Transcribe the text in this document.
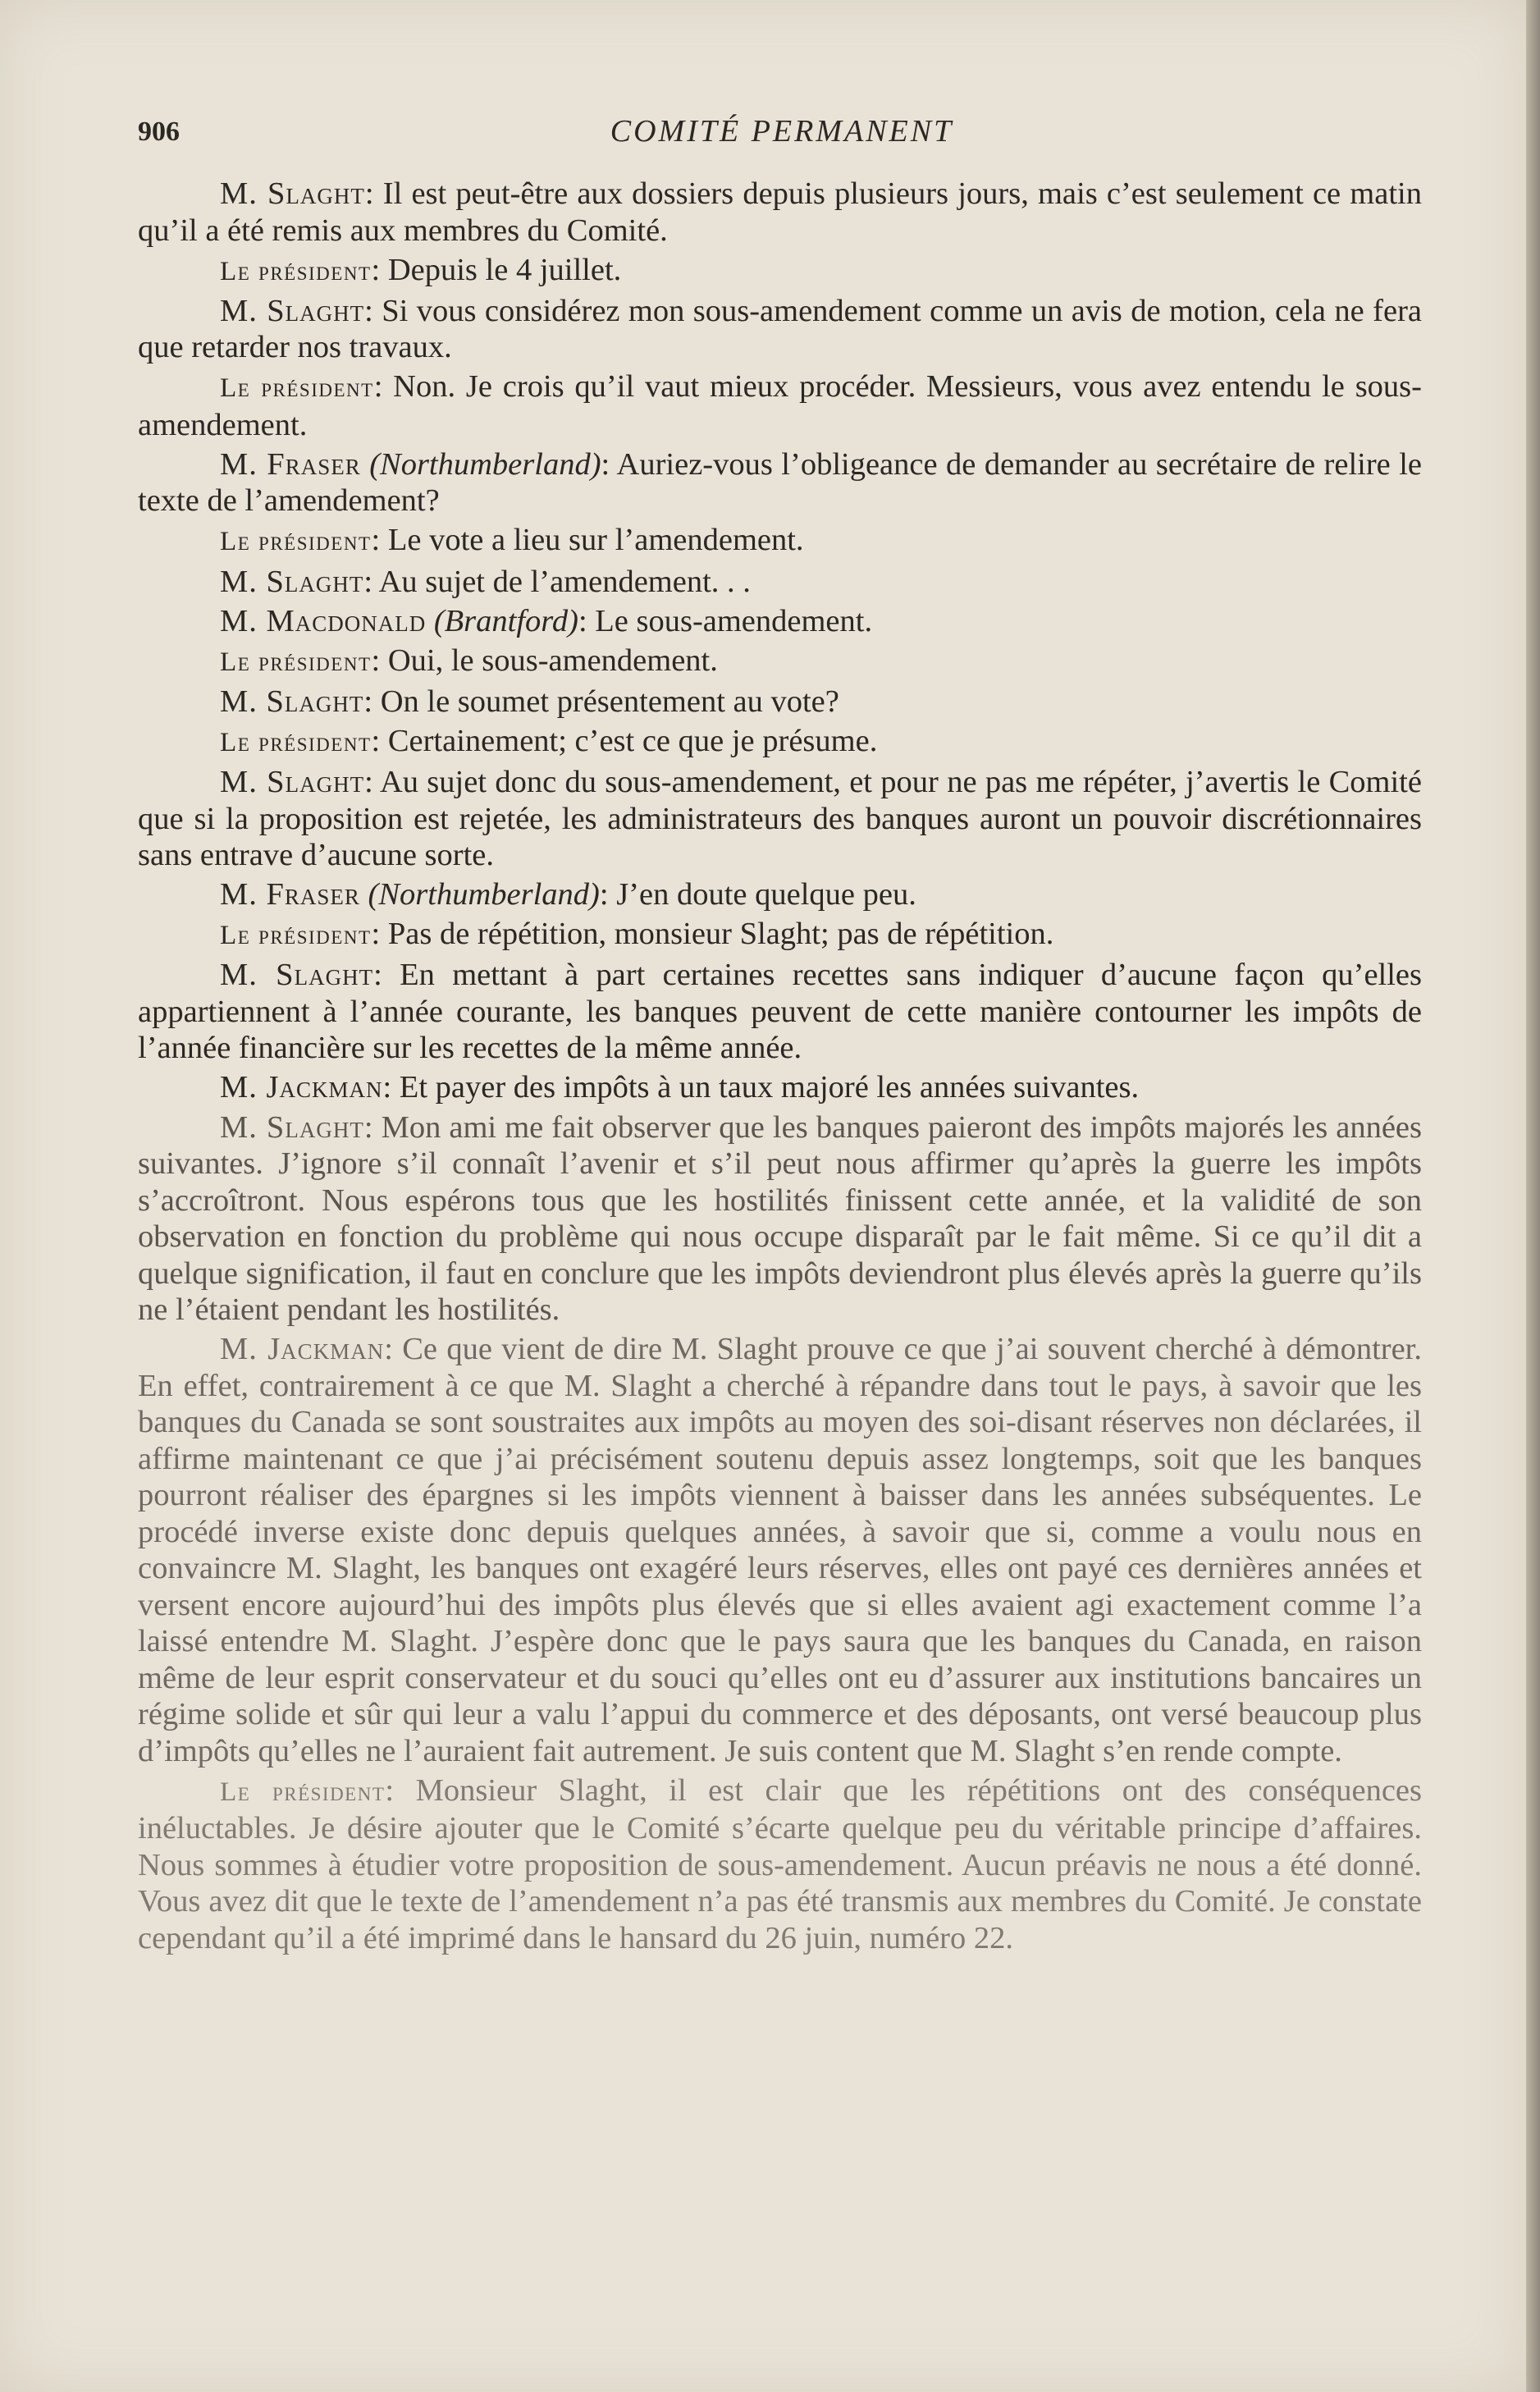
906	COMITÉ PERMANENT

M. Slaght: Il est peut-être aux dossiers depuis plusieurs jours, mais c’est seulement ce matin qu’il a été remis aux membres du Comité.

Le président: Depuis le 4 juillet.

M. Slaght: Si vous considérez mon sous-amendement comme un avis de motion, cela ne fera que retarder nos travaux.

Le président: Non. Je crois qu’il vaut mieux procéder. Messieurs, vous avez entendu le sous-amendement.

M. Fraser (Northumberland): Auriez-vous l’obligeance de demander au secrétaire de relire le texte de l’amendement?

Le président: Le vote a lieu sur l’amendement.

M. Slaght: Au sujet de l’amendement. . .

M. Macdonald (Brantford): Le sous-amendement.

Le président: Oui, le sous-amendement.

M. Slaght: On le soumet présentement au vote?

Le président: Certainement; c’est ce que je présume.

M. Slaght: Au sujet donc du sous-amendement, et pour ne pas me répéter, j’avertis le Comité que si la proposition est rejetée, les administrateurs des banques auront un pouvoir discrétionnaires sans entrave d’aucune sorte.

M. Fraser (Northumberland): J’en doute quelque peu.

Le président: Pas de répétition, monsieur Slaght; pas de répétition.

M. Slaght: En mettant à part certaines recettes sans indiquer d’aucune façon qu’elles appartiennent à l’année courante, les banques peuvent de cette manière contourner les impôts de l’année financière sur les recettes de la même année.

M. Jackman: Et payer des impôts à un taux majoré les années suivantes.

M. Slaght: Mon ami me fait observer que les banques paieront des impôts majorés les années suivantes. J’ignore s’il connaît l’avenir et s’il peut nous affirmer qu’après la guerre les impôts s’accroîtront. Nous espérons tous que les hostilités finissent cette année, et la validité de son observation en fonction du problème qui nous occupe disparaît par le fait même. Si ce qu’il dit a quelque signification, il faut en conclure que les impôts deviendront plus élevés après la guerre qu’ils ne l’étaient pendant les hostilités.

M. Jackman: Ce que vient de dire M. Slaght prouve ce que j’ai souvent cherché à démontrer. En effet, contrairement à ce que M. Slaght a cherché à répandre dans tout le pays, à savoir que les banques du Canada se sont soustraites aux impôts au moyen des soi-disant réserves non déclarées, il affirme maintenant ce que j’ai précisément soutenu depuis assez longtemps, soit que les banques pourront réaliser des épargnes si les impôts viennent à baisser dans les années subséquentes. Le procédé inverse existe donc depuis quelques années, à savoir que si, comme a voulu nous en convaincre M. Slaght, les banques ont exagéré leurs réserves, elles ont payé ces dernières années et versent encore aujourd’hui des impôts plus élevés que si elles avaient agi exactement comme l’a laissé entendre M. Slaght. J’espère donc que le pays saura que les banques du Canada, en raison même de leur esprit conservateur et du souci qu’elles ont eu d’assurer aux institutions bancaires un régime solide et sûr qui leur a valu l’appui du commerce et des déposants, ont versé beaucoup plus d’impôts qu’elles ne l’auraient fait autrement. Je suis content que M. Slaght s’en rende compte.

Le président: Monsieur Slaght, il est clair que les répétitions ont des conséquences inéluctables. Je désire ajouter que le Comité s’écarte quelque peu du véritable principe d’affaires. Nous sommes à étudier votre proposition de sous-amendement. Aucun préavis ne nous a été donné. Vous avez dit que le texte de l’amendement n’a pas été transmis aux membres du Comité. Je constate cependant qu’il a été imprimé dans le hansard du 26 juin, numéro 22.
